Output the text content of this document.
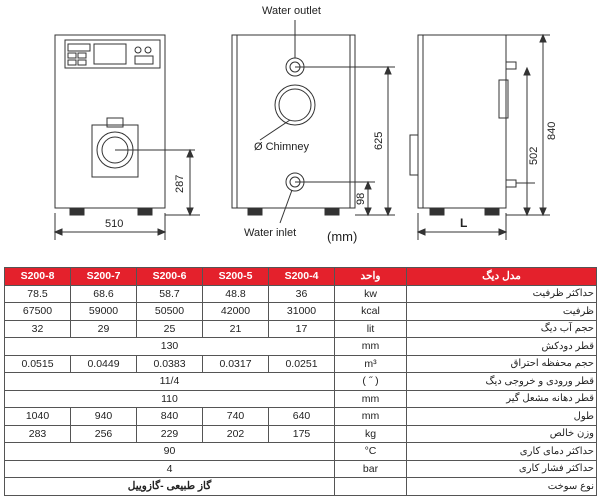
510
287
Water outlet
Ø Chimney
Water inlet (mm)
625
98
840
502
L
S200-8	S200-7	S200-6	S200-5	S200-4	واحد	مدل دیگ
78.5	68.6	58.7	48.8	36	kw	حداکثر ظرفیت
67500	59000	50500	42000	31000	kcal	ظرفیت
32	29	25	21	17	lit	حجم آب دیگ
130					mm	قطر دودکش
0.0515	0.0449	0.0383	0.0317	0.0251	m³	حجم محفظه احتراق
11/4					( ˝ )	قطر ورودی و خروجی دیگ
110					mm	قطر دهانه مشعل گیر
1040	940	840	740	640	mm	طول
283	256	229	202	175	kg	وزن خالص
90					°C	حداکثر دمای کاری
4					bar	حداکثر فشار کاری
گاز طبیعی -گازوییل						نوع سوخت
